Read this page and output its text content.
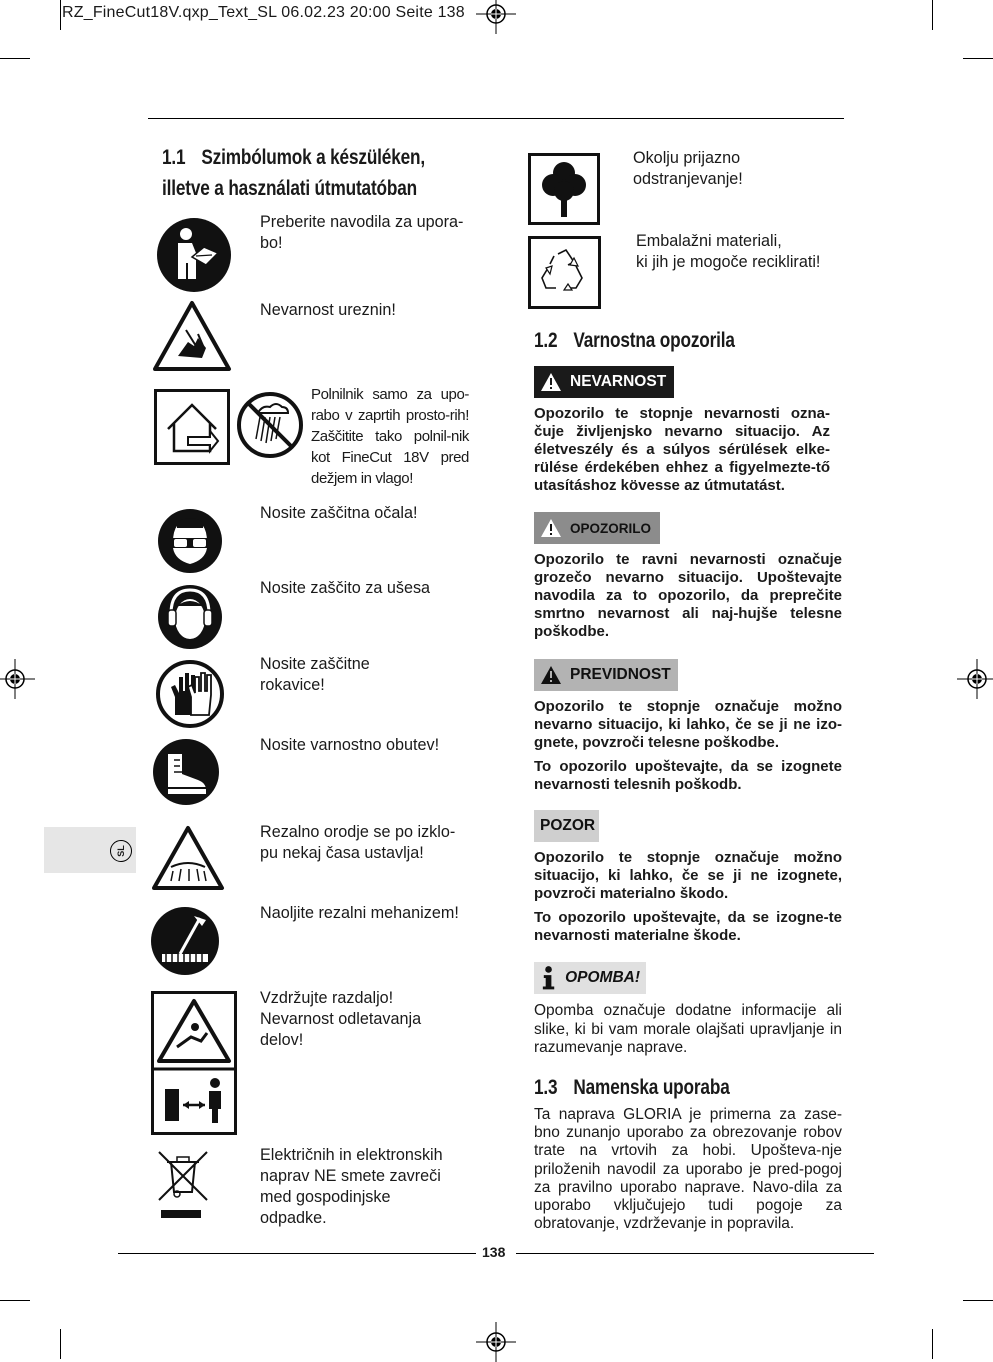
RZ_FineCut18V.qxp_Text_SL 06.02.23 20:00 Seite 138
SL
1.1 Szimbólumok a készüléken,
illetve a használati útmutatóban
Preberite navodila za upora-bo!
Nevarnost ureznin!
Polnilnik samo za upo-rabo v zaprtih prosto-rih! Zaščitite tako polnil-nik kot FineCut 18V pred dežjem in vlago!
Nosite zaščitna očala!
Nosite zaščito za ušesa
Nosite zaščitne
rokavice!
Nosite varnostno obutev!
Rezalno orodje se po izklo-
pu nekaj časa ustavlja!
Naoljite rezalni mehanizem!
Vzdržujte razdaljo!
Nevarnost odletavanja
delov!
Električnih in elektronskih
naprav NE smete zavreči
med gospodinjske
odpadke.
Okolju prijazno
odstranjevanje!
Embalažni materiali,
ki jih je mogoče reciklirati!
1.2 Varnostna opozorila
NEVARNOST

Opozorilo te stopnje nevarnosti ozna-čuje življenjsko nevarno situacijo. Az életveszély és a súlyos sérülések elke-rülése érdekében ehhez a figyelmezte-tő utasításhoz kövesse az útmutatást.

OPOZORILO

Opozorilo te ravni nevarnosti označuje grozečo nevarno situacijo. Upoštevajte navodila za to opozorilo, da preprečite smrtno nevarnost ali naj-hujše telesne poškodbe.

PREVIDNOST

Opozorilo te stopnje označuje možno nevarno situacijo, ki lahko, če se ji ne izo-gnete, povzroči telesne poškodbe.

To opozorilo upoštevajte, da se izognete nevarnosti telesnih poškodb.

POZOR

Opozorilo te stopnje označuje možno situacijo, ki lahko, če se ji ne izognete, povzroči materialno škodo.

To opozorilo upoštevajte, da se izogne-te nevarnosti materialne škode.

OPOMBA!

Opomba označuje dodatne informacije ali slike, ki bi vam morale olajšati upravljanje in razumevanje naprave.

1.3 Namenska uporaba

Ta naprava GLORIA je primerna za zase-bno zunanjo uporabo za obrezovanje robov trate na vrtovih za hobi. Upošteva-nje priloženih navodil za uporabo je pred-pogoj za pravilno uporabo naprave. Navo-dila za uporabo vključujejo tudi pogoje za obratovanje, vzdrževanje in popravila.

138
